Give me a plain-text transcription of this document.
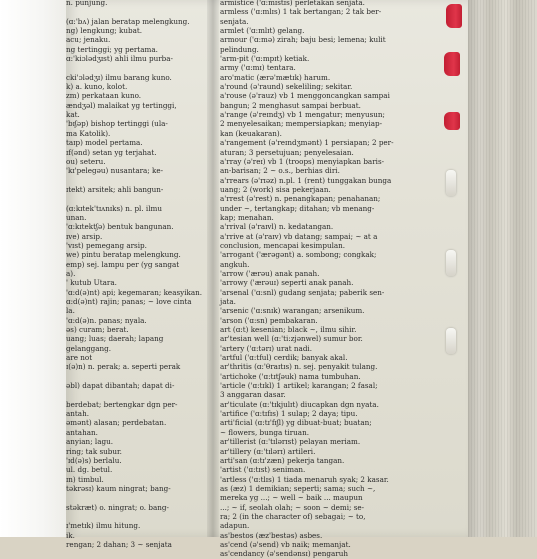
n. punjung.
(ɑ:'bʌ) jalan beratap melengkung.
ng) lengkung; kubat.
acu; jenaku.
ng tertinggi; yg pertama.
ɑ:'kiɔlədʒɪst) ahli ilmu purba-
cki'ɔlədʒɪ) ilmu barang kuno.
k) a. kuno, kolot.
zm) perkataan kuno.
ændʒəl) malaikat yg tertinggi,
kat.
'bɪʃəp) bishop tertinggi (ula-
ma Katolik).
taɪp) model pertama.
ɪf(ənd) setan yg terjahat.
ou) seteru.
'kɪ'pelegəu) nusantara; ke-
ɪtekt) arsitek; ahli bangun-
(ɑ:kɪtek'tɪʌnɪks) n. pl. ilmu
unan.
'ɑ:kɪtektʃə) bentuk bangunan.
ɪve) arsip.
'vɪst) pemegang arsip.
we) pintu beratap melengkung.
emp) sej. lampu per (yg sangat
a).
' kutub Utara.
'ɑ:d(ə)nt) api; kegemaran; keasyikan.
ɑ:d(ə)nt) rajin; panas; ~ love cinta
la.
'ɑ:d(ə)n. panas; nyala.
əs) curam; berat.
uang; luas; daerah; lapang
gelanggang.
are not
ɪ(ə)n) n. perak; a. seperti perak
əbl) dapat dibantah; dapat di-
berdebat; bertengkar dgn per-
antah.
əmənt) alasan; perdebatan.
antahan.
anyian; lagu.
ring; tak subur.
'ɪd(ə)s) berlalu.
ul. dg. betul.
ɪn) timbul.
təkrəsɪ) kaum ningrat; bang-
stəkræt) o. ningrat; o. bang-
ɪ'metɪk) ilmu hitung.
ik.
rengan; 2 dahan; 3 ~ senjata
armistice ('ɑ:mɪstɪs) perletakan senjata.
armless ('ɑ:mlɪs) 1 tak bertangan; 2 tak ber-
senjata.
armlet ('ɑ:mlɪt) gelang.
armour ('ɑ:mə) zirah; baju besi; lemena; kulit
pelindung.
'arm-pit ('ɑ:mpɪt) ketiak.
army ('ɑ:mɪ) tentara.
aro'matic (ærə'mætɪk) harum.
a'round (ə'raund) sekeliling; sekitar.
a'rouse (ə'rauz) vb 1 menggoncangkan sampai
bangun; 2 menghasut sampai berbuat.
a'range (ə'reɪndʒ) vb 1 mengatur; menyusun;
2 menyelesaikan; mempersiapkan; menyiap-
kan (keuakaran).
a'rangement (ə'reɪndʒmənt) 1 persiapan; 2 per-
aturan; 3 persetujuan; penyelesaian.
a'rray (ə'reɪ) vb 1 (troops) menyiapkan baris-
an-barisan; 2 ~ o.s., berhias diri.
a'rrears (ə'rɪəz) n.pl. 1 (rent) tunggakan bunga
uang; 2 (work) sisa pekerjaan.
a'rrest (ə'rest) n. penangkapan; penahanan;
under ~, tertangkap; ditahan; vb menang-
kap; menahan.
a'rrival (ə'raɪvl) n. kedatangan.
a'rrive at (ə'raɪv) vb datang; sampai; ~ at a
conclusion, mencapai kesimpulan.
'arrogant ('ærəgənt) a. sombong; congkak;
angkuh.
'arrow ('ærəu) anak panah.
'arrowy ('ærəuɪ) seperti anak panah.
'arsenal ('ɑ:snl) gudang senjata; paberik sen-
jata.
'arsenic ('ɑ:snɪk) warangan; arsenikum.
'arson ('ɑ:sn) pembakaran.
art (ɑ:t) kesenian; black ~, ilmu sihir.
ar'tesian well (ɑ:'ti:zjənwel) sumur bor.
'artery ('ɑ:tərɪ) urat nadi.
'artful ('ɑ:tful) cerdik; banyak akal.
ar'thritis (ɑ:'θraɪtɪs) n. sej. penyakit tulang.
'artichoke ('ɑ:tɪtʃəuk) nama tumbuhan.
'article ('ɑ:tɪkl) 1 artikel; karangan; 2 fasal;
3 anggaran dasar.
ar'ticulate (ɑ:'tɪkjulɪt) diucapkan dgn nyata.
'artifice ('ɑ:tɪfɪs) 1 sulap; 2 daya; tipu.
arti'ficial (ɑ:tɪ'fɪʃl) yg dibuat-buat; buatan;
~ flowers, bunga tiruan.
ar'tillerist (ɑ:'tɪlərɪst) pelayan meriam.
ar'tillery (ɑ:'tɪlərɪ) artileri.
arti'san (ɑ:tɪ'zæn) pekerja tangan.
'artist ('ɑ:tɪst) seniman.
'artless ('ɑ:tlɪs) 1 tiada menaruh syak; 2 kasar.
as (æz) 1 demikian; seperti; sama; such ~,
mereka yg ...; ~ well ~ baik ... maupun
...; ~ if, seolah olah; ~ soon ~ demi; se-
ra; 2 (in the character of) sebagai; ~ to,
adapun.
as'bestos (æz'bestəs) asbes.
as'cend (ə'send) vb naik; memanjat.
as'cendancy (ə'sendənsɪ) pengaruh
